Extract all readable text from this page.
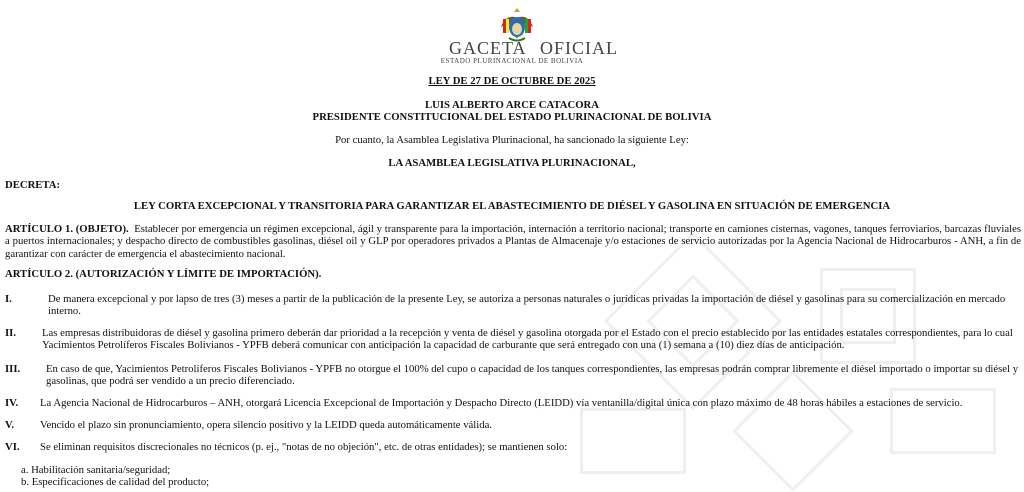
GACETA OFICIAL
ESTADO PLURINACIONAL DE BOLIVIA

LEY DE 27 DE OCTUBRE DE 2025

LUIS ALBERTO ARCE CATACORA

PRESIDENTE CONSTITUCIONAL DEL ESTADO PLURINACIONAL DE BOLIVIA

Por cuanto, la Asamblea Legislativa Plurinacional, ha sancionado la siguiente Ley:

LA ASAMBLEA LEGISLATIVA PLURINACIONAL,

DECRETA:

LEY CORTA EXCEPCIONAL Y TRANSITORIA PARA GARANTIZAR EL ABASTECIMIENTO DE DIÉSEL Y GASOLINA EN SITUACIÓN DE EMERGENCIA

ARTÍCULO 1. (OBJETO). Establecer por emergencia un régimen excepcional, ágil y transparente para la importación, internación a territorio nacional; transporte en camiones cisternas, vagones, tanques ferroviarios, barcazas fluviales a puertos internacionales; y despacho directo de combustibles gasolinas, diésel oil y GLP por operadores privados a Plantas de Almacenaje y/o estaciones de servicio autorizadas por la Agencia Nacional de Hidrocarburos - ANH, a fin de garantizar con carácter de emergencia el abastecimiento nacional.

ARTÍCULO 2. (AUTORIZACIÓN Y LÍMITE DE IMPORTACIÓN).

I.	De manera excepcional y por lapso de tres (3) meses a partir de la publicación de la presente Ley, se autoriza a personas naturales o jurídicas privadas la importación de diésel y gasolinas para su comercialización en mercado interno.

II. Las empresas distribuidoras de diésel y gasolina primero deberán dar prioridad a la recepción y venta de diésel y gasolina otorgada por el Estado con el precio establecido por las entidades estatales correspondientes, para lo cual Yacimientos Petrolíferos Fiscales Bolivianos - YPFB deberá comunicar con anticipación la capacidad de carburante que será entregado con una (1) semana a (10) diez días de anticipación.

III. En caso de que, Yacimientos Petrolíferos Fiscales Bolivianos - YPFB no otorgue el 100% del cupo o capacidad de los tanques correspondientes, las empresas podrán comprar libremente el diésel importado o importar su diésel y gasolinas, que podrá ser vendido a un precio diferenciado.

IV. La Agencia Nacional de Hidrocarburos – ANH, otorgará Licencia Excepcional de Importación y Despacho Directo (LEIDD) vía ventanilla/digital única con plazo máximo de 48 horas hábiles a estaciones de servicio.

V. Vencido el plazo sin pronunciamiento, opera silencio positivo y la LEIDD queda automáticamente válida.

VI. Se eliminan requisitos discrecionales no técnicos (p. ej., "notas de no objeción", etc. de otras entidades); se mantienen solo:

a. Habilitación sanitaria/seguridad;

b. Especificaciones de calidad del producto;
